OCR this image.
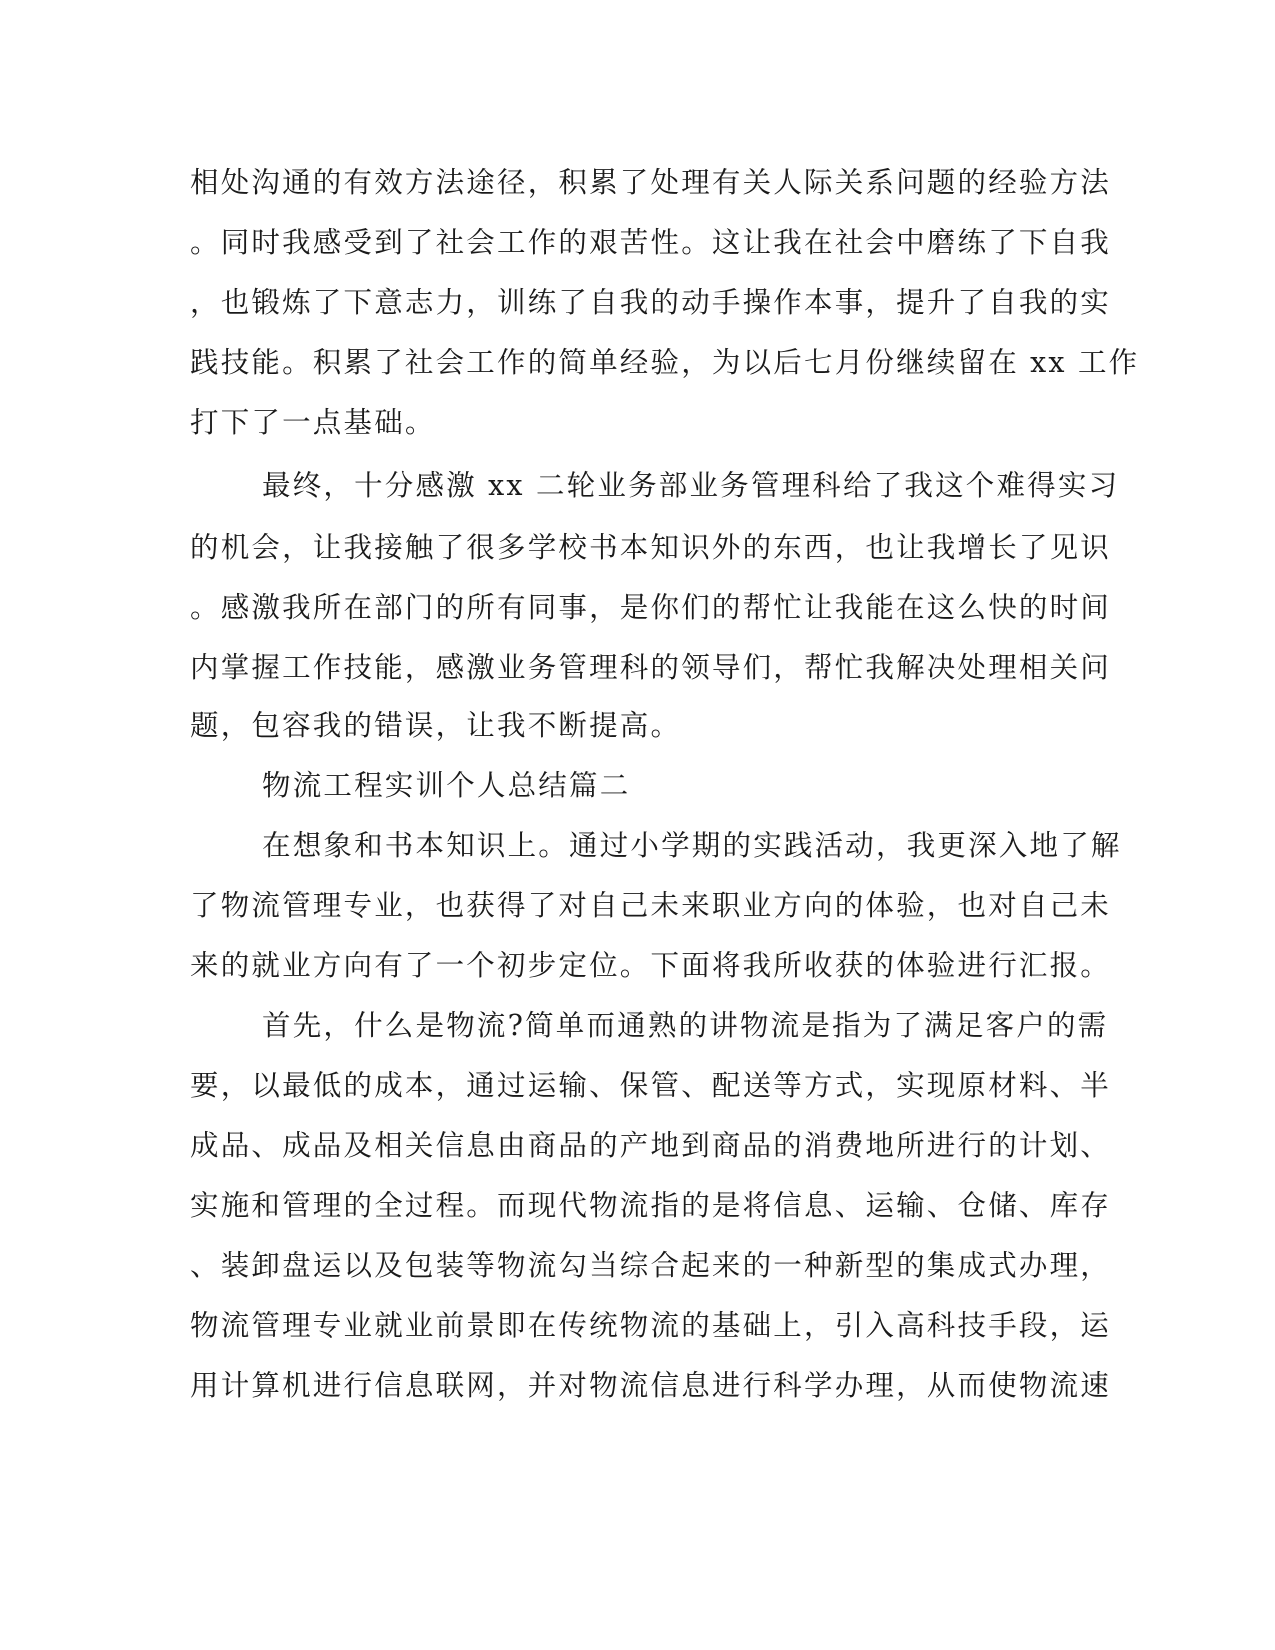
相处沟通的有效方法途径，积累了处理有关人际关系问题的经验方法
。同时我感受到了社会工作的艰苦性。这让我在社会中磨练了下自我
，也锻炼了下意志力，训练了自我的动手操作本事，提升了自我的实
践技能。积累了社会工作的简单经验，为以后七月份继续留在 xx 工作
打下了一点基础。
最终，十分感激 xx 二轮业务部业务管理科给了我这个难得实习
的机会，让我接触了很多学校书本知识外的东西，也让我增长了见识
。感激我所在部门的所有同事，是你们的帮忙让我能在这么快的时间
内掌握工作技能，感激业务管理科的领导们，帮忙我解决处理相关问
题，包容我的错误，让我不断提高。
物流工程实训个人总结篇二
在想象和书本知识上。通过小学期的实践活动，我更深入地了解
了物流管理专业，也获得了对自己未来职业方向的体验，也对自己未
来的就业方向有了一个初步定位。下面将我所收获的体验进行汇报。
首先，什么是物流?简单而通熟的讲物流是指为了满足客户的需
要，以最低的成本，通过运输、保管、配送等方式，实现原材料、半
成品、成品及相关信息由商品的产地到商品的消费地所进行的计划、
实施和管理的全过程。而现代物流指的是将信息、运输、仓储、库存
、装卸盘运以及包装等物流勾当综合起来的一种新型的集成式办理，
物流管理专业就业前景即在传统物流的基础上，引入高科技手段，运
用计算机进行信息联网，并对物流信息进行科学办理，从而使物流速
